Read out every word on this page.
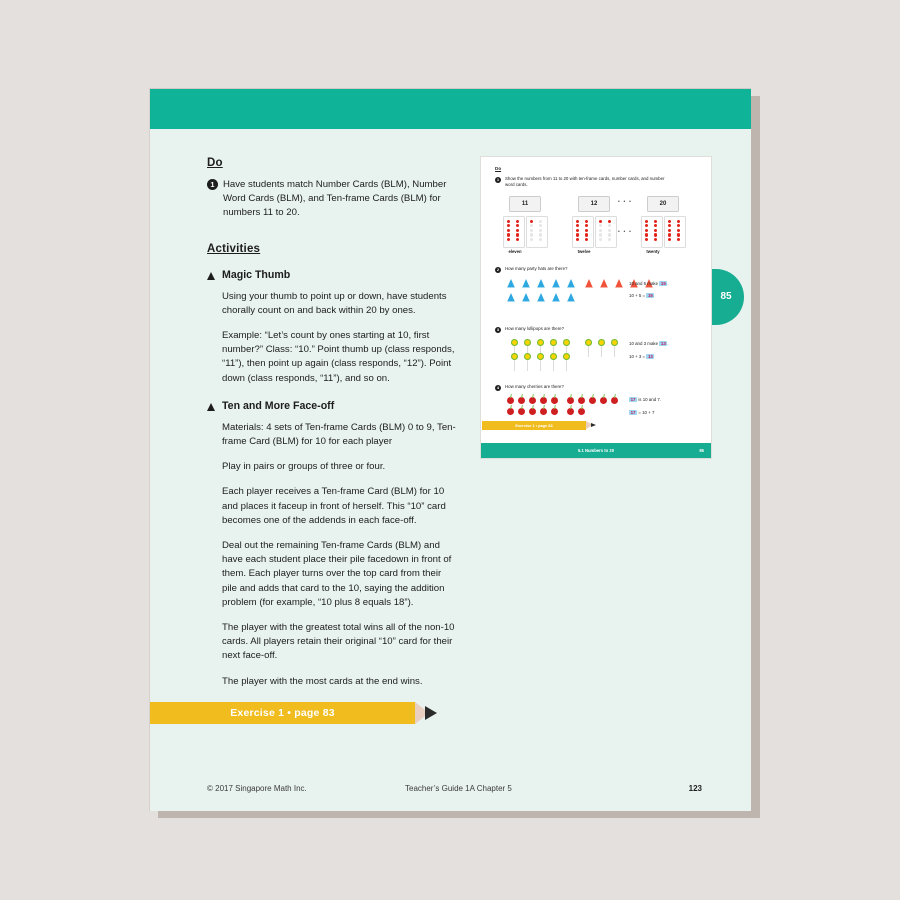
Do
1 Have students match Number Cards (BLM), Number Word Cards (BLM), and Ten-frame Cards (BLM) for numbers 11 to 20.

Activities
Magic Thumb

Using your thumb to point up or down, have students chorally count on and back within 20 by ones.

Example: “Let’s count by ones starting at 10, first number?” Class: “10.” Point thumb up (class responds, “11”), then point up again (class responds, “12”). Point down (class responds, “11”), and so on.

Ten and More Face-off

Materials: 4 sets of Ten-frame Cards (BLM) 0 to 9, Ten-frame Card (BLM) for 10 for each player

Play in pairs or groups of three or four.

Each player receives a Ten-frame Card (BLM) for 10 and places it faceup in front of herself. This “10” card becomes one of the addends in each face-off.

Deal out the remaining Ten-frame Cards (BLM) and have each student place their pile facedown in front of them. Each player turns over the top card from their pile and adds that card to the 10, saying the addition problem (for example, “10 plus 8 equals 18”).

The player with the greatest total wins all of the non-10 cards. All players retain their original “10” card for their next face-off.

The player with the most cards at the end wins.

Exercise 1 • page 83
© 2017 Singapore Math Inc.	Teacher’s Guide 1A Chapter 5	123
85
Do
1	Show the numbers from 11 to 20 with ten-frame cards, number cards, and number word cards.
11	12	• • •	20
• • •
eleven	twelve	twenty
2	How many party hats are there?
10 and 5 make 15 .
10 + 5 = 15
3	How many lollipops are there?
10 and 3 make 13 .
10 + 3 = 13
4	How many cherries are there?
17 is 10 and 7.
17 = 10 + 7
Exercise 1 • page 83
5.1 Numbers to 20	85
